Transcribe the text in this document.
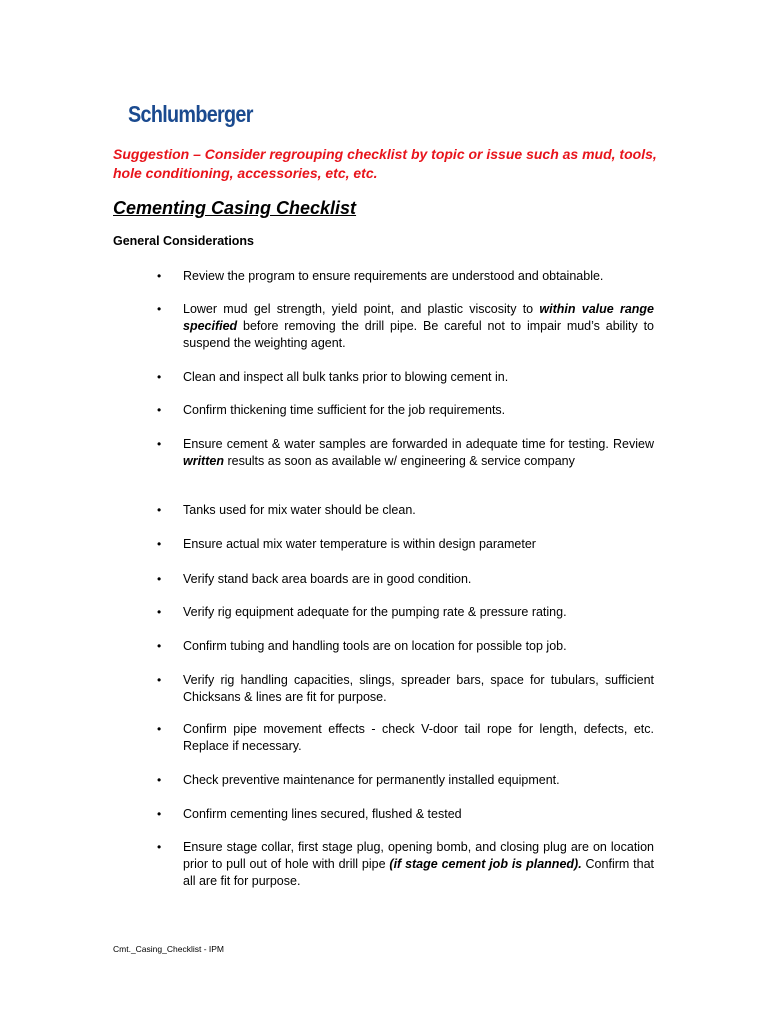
Schlumberger
Suggestion – Consider regrouping checklist by topic or issue such as mud, tools, hole conditioning, accessories, etc, etc.
Cementing Casing Checklist
General Considerations
• Review the program to ensure requirements are understood and obtainable.
• Lower mud gel strength, yield point, and plastic viscosity to within value range specified before removing the drill pipe. Be careful not to impair mud’s ability to suspend the weighting agent.
• Clean and inspect all bulk tanks prior to blowing cement in.
• Confirm thickening time sufficient for the job requirements.
• Ensure cement & water samples are forwarded in adequate time for testing. Review written results as soon as available w/ engineering & service company
• Tanks used for mix water should be clean.
• Ensure actual mix water temperature is within design parameter
• Verify stand back area boards are in good condition.
• Verify rig equipment adequate for the pumping rate & pressure rating.
• Confirm tubing and handling tools are on location for possible top job.
• Verify rig handling capacities, slings, spreader bars, space for tubulars, sufficient Chicksans & lines are fit for purpose.
• Confirm pipe movement effects - check V-door tail rope for length, defects, etc. Replace if necessary.
• Check preventive maintenance for permanently installed equipment.
• Confirm cementing lines secured, flushed & tested
• Ensure stage collar, first stage plug, opening bomb, and closing plug are on location prior to pull out of hole with drill pipe (if stage cement job is planned). Confirm that all are fit for purpose.
Cmt._Casing_Checklist - IPM
